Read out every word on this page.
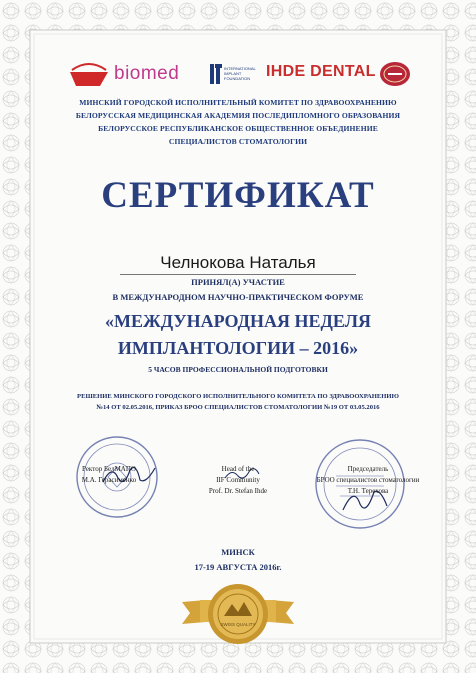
biomed	INTERNATIONAL IMPLANT FOUNDATION IHDE DENTAL
МИНСКИЙ ГОРОДСКОЙ ИСПОЛНИТЕЛЬНЫЙ КОМИТЕТ ПО ЗДРАВООХРАНЕНИЮ
БЕЛОРУССКАЯ МЕДИЦИНСКАЯ АКАДЕМИЯ ПОСЛЕДИПЛОМНОГО ОБРАЗОВАНИЯ
БЕЛОРУССКОЕ РЕСПУБЛИКАНСКОЕ ОБЩЕСТВЕННОЕ ОБЪЕДИНЕНИЕ
СПЕЦИАЛИСТОВ СТОМАТОЛОГИИ
СЕРТИФИКАТ
Челнокова Наталья
ПРИНЯЛ(А) УЧАСТИЕ
В МЕЖДУНАРОДНОМ НАУЧНО-ПРАКТИЧЕСКОМ ФОРУМЕ
«МЕЖДУНАРОДНАЯ НЕДЕЛЯ
ИМПЛАНТОЛОГИИ – 2016»
5 ЧАСОВ ПРОФЕССИОНАЛЬНОЙ ПОДГОТОВКИ
РЕШЕНИЕ МИНСКОГО ГОРОДСКОГО ИСПОЛНИТЕЛЬНОГО КОМИТЕТА ПО ЗДРАВООХРАНЕНИЮ
№14 ОТ 02.05.2016, ПРИКАЗ БРОО СПЕЦИАЛИСТОВ СТОМАТОЛОГИИ №19 ОТ 03.05.2016
Ректор БелМАПО
М.А. Герасименко
Head of the
IIF Community
Prof. Dr. Stefan Ihde
Председатель
БРОО специалистов стоматологии
Т.Н. Терехова
МИНСК
17-19 АВГУСТА 2016г.
SWISS QUALITY
